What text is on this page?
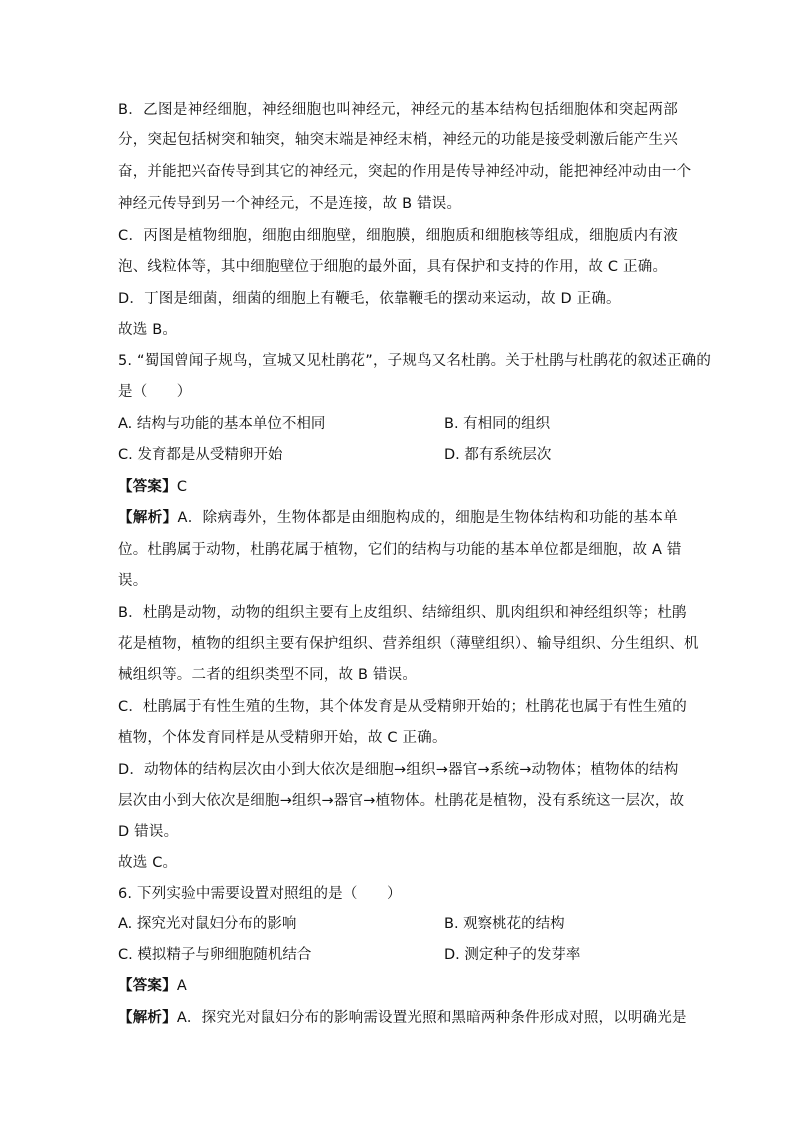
B．乙图是神经细胞，神经细胞也叫神经元，神经元的基本结构包括细胞体和突起两部
分，突起包括树突和轴突，轴突末端是神经末梢，神经元的功能是接受刺激后能产生兴
奋，并能把兴奋传导到其它的神经元，突起的作用是传导神经冲动，能把神经冲动由一个
神经元传导到另一个神经元，不是连接，故 B 错误。
C．丙图是植物细胞，细胞由细胞壁，细胞膜，细胞质和细胞核等组成，细胞质内有液
泡、线粒体等，其中细胞壁位于细胞的最外面，具有保护和支持的作用，故 C 正确。
D．丁图是细菌，细菌的细胞上有鞭毛，依靠鞭毛的摆动来运动，故 D 正确。
故选 B。
5. “蜀国曾闻子规鸟，宣城又见杜鹃花”，子规鸟又名杜鹃。关于杜鹃与杜鹃花的叙述正确的
是（　　）
A. 结构与功能的基本单位不相同	B. 有相同的组织
C. 发育都是从受精卵开始	D. 都有系统层次
【答案】C
【解析】A．除病毒外，生物体都是由细胞构成的，细胞是生物体结构和功能的基本单
位。杜鹃属于动物，杜鹃花属于植物，它们的结构与功能的基本单位都是细胞，故 A 错
误。
B．杜鹃是动物，动物的组织主要有上皮组织、结缔组织、肌肉组织和神经组织等；杜鹃
花是植物，植物的组织主要有保护组织、营养组织（薄壁组织）、输导组织、分生组织、机
械组织等。二者的组织类型不同，故 B 错误。
C．杜鹃属于有性生殖的生物，其个体发育是从受精卵开始的；杜鹃花也属于有性生殖的
植物，个体发育同样是从受精卵开始，故 C 正确。
D．动物体的结构层次由小到大依次是细胞→组织→器官→系统→动物体；植物体的结构
层次由小到大依次是细胞→组织→器官→植物体。杜鹃花是植物，没有系统这一层次，故
D 错误。
故选 C。
6. 下列实验中需要设置对照组的是（　　）
A. 探究光对鼠妇分布的影响	B. 观察桃花的结构
C. 模拟精子与卵细胞随机结合	D. 测定种子的发芽率
【答案】A
【解析】A．探究光对鼠妇分布的影响需设置光照和黑暗两种条件形成对照，以明确光是
